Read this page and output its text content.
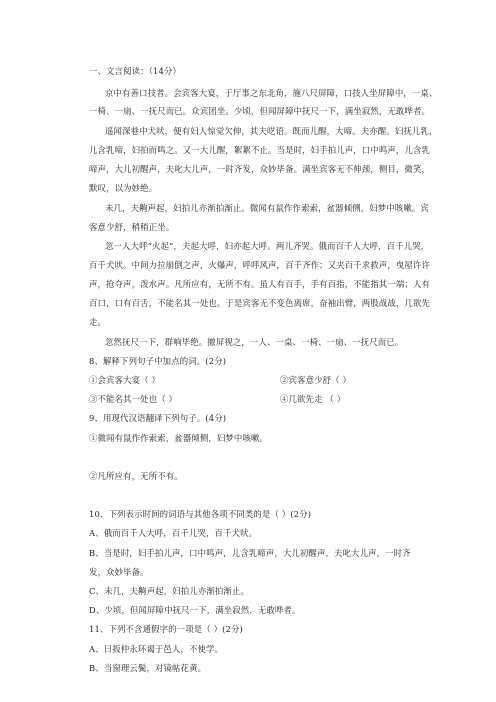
一、文言阅读：（14分）
京中有善口技者。会宾客大宴，于厅事之东北角，施八尺屏障，口技人坐屏障中，一桌、
一椅、一扇、一抚尺而已。众宾团坐。少顷，但闻屏障中抚尺一下，满坐寂然，无敢哗者。
遥闻深巷中犬吠，便有妇人惊觉欠伸，其夫呓语。既而儿醒，大啼。夫亦醒。妇抚儿乳，
儿含乳啼，妇拍而鸣之。又一大儿醒，絮絮不止。当是时，妇手拍儿声，口中鸣声，儿含乳
啼声，大儿初醒声，夫叱大儿声，一时齐发，众妙毕备。满坐宾客无不伸颈，侧目，微笑，
默叹，以为妙绝。
未几，夫齁声起，妇拍儿亦渐拍渐止。微闻有鼠作作索索，盆器倾侧，妇梦中咳嗽。宾
客意少舒，稍稍正坐。
忽一人大呼“火起”，夫起大呼，妇亦起大呼。两儿齐哭。俄而百千人大呼，百千儿哭，
百千犬吠。中间力拉崩倒之声，火爆声，呼呼风声，百千齐作；又夹百千求救声，曳屋许许
声，抢夺声，泼水声。凡所应有，无所不有。虽人有百手，手有百指，不能指其一端；人有
百口，口有百舌，不能名其一处也。于是宾客无不变色离席，奋袖出臂，两股战战，几欲先
走。
忽然抚尺一下，群响毕绝。撤屏视之，一人、一桌、一椅、一扇、一抚尺而已。
8、解释下列句子中加点的词。(2分)
①会宾客大宴（ ）	②宾客意少舒（ ）
③不能名其一处也（ ）	④几欲先走 （ ）
9、用现代汉语翻译下列句子。(4分)
①微闻有鼠作作索索，盆器倾侧，妇梦中咳嗽。
②凡所应有，无所不有。
10、下列表示时间的词语与其他各项不同类的是（ ）(2分)
A、俄而百千人大呼，百千儿哭，百千犬吠。
B、当是时，妇手拍儿声，口中鸣声，儿含乳啼声，大儿初醒声，夫叱大儿声，一时齐
发，众妙毕备。
C、未几，夫齁声起，妇拍儿亦渐拍渐止。
D、少顷，但闻屏障中抚尺一下，满坐寂然，无敢哗者。
11、下列不含通假字的一项是（ ）(2分)
A、日扳仲永环谒于邑人，不使学。
B、当窗理云鬓，对镜帖花黄。
